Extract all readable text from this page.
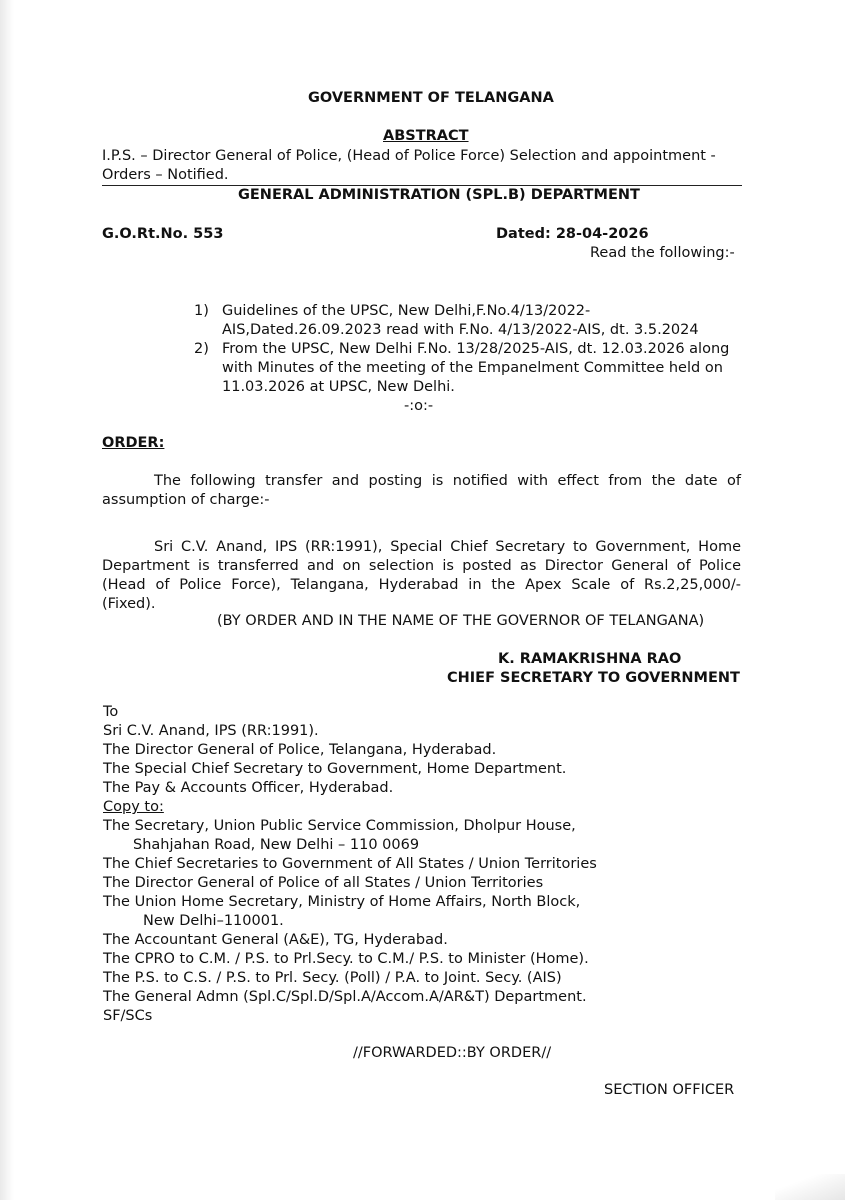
GOVERNMENT OF TELANGANA
ABSTRACT
I.P.S. – Director General of Police, (Head of Police Force) Selection and appointment -
Orders – Notified.
GENERAL ADMINISTRATION (SPL.B) DEPARTMENT
G.O.Rt.No. 553	Dated: 28-04-2026
Read the following:-
1) Guidelines of the UPSC, New Delhi,F.No.4/13/2022-
AIS,Dated.26.09.2023 read with F.No. 4/13/2022-AIS, dt. 3.5.2024
2) From the UPSC, New Delhi F.No. 13/28/2025-AIS, dt. 12.03.2026 along
with Minutes of the meeting of the Empanelment Committee held on
11.03.2026 at UPSC, New Delhi.
-:o:-
ORDER:
The following transfer and posting is notified with effect from the date of
assumption of charge:-
Sri C.V. Anand, IPS (RR:1991), Special Chief Secretary to Government, Home
Department is transferred and on selection is posted as Director General of Police
(Head of Police Force), Telangana, Hyderabad in the Apex Scale of Rs.2,25,000/-
(Fixed).
(BY ORDER AND IN THE NAME OF THE GOVERNOR OF TELANGANA)
K. RAMAKRISHNA RAO
CHIEF SECRETARY TO GOVERNMENT
To
Sri C.V. Anand, IPS (RR:1991).
The Director General of Police, Telangana, Hyderabad.
The Special Chief Secretary to Government, Home Department.
The Pay & Accounts Officer, Hyderabad.
Copy to:
The Secretary, Union Public Service Commission, Dholpur House,
Shahjahan Road, New Delhi – 110 0069
The Chief Secretaries to Government of All States / Union Territories
The Director General of Police of all States / Union Territories
The Union Home Secretary, Ministry of Home Affairs, North Block,
New Delhi–110001.
The Accountant General (A&E), TG, Hyderabad.
The CPRO to C.M. / P.S. to Prl.Secy. to C.M./ P.S. to Minister (Home).
The P.S. to C.S. / P.S. to Prl. Secy. (Poll) / P.A. to Joint. Secy. (AIS)
The General Admn (Spl.C/Spl.D/Spl.A/Accom.A/AR&T) Department.
SF/SCs
//FORWARDED::BY ORDER//
SECTION OFFICER
